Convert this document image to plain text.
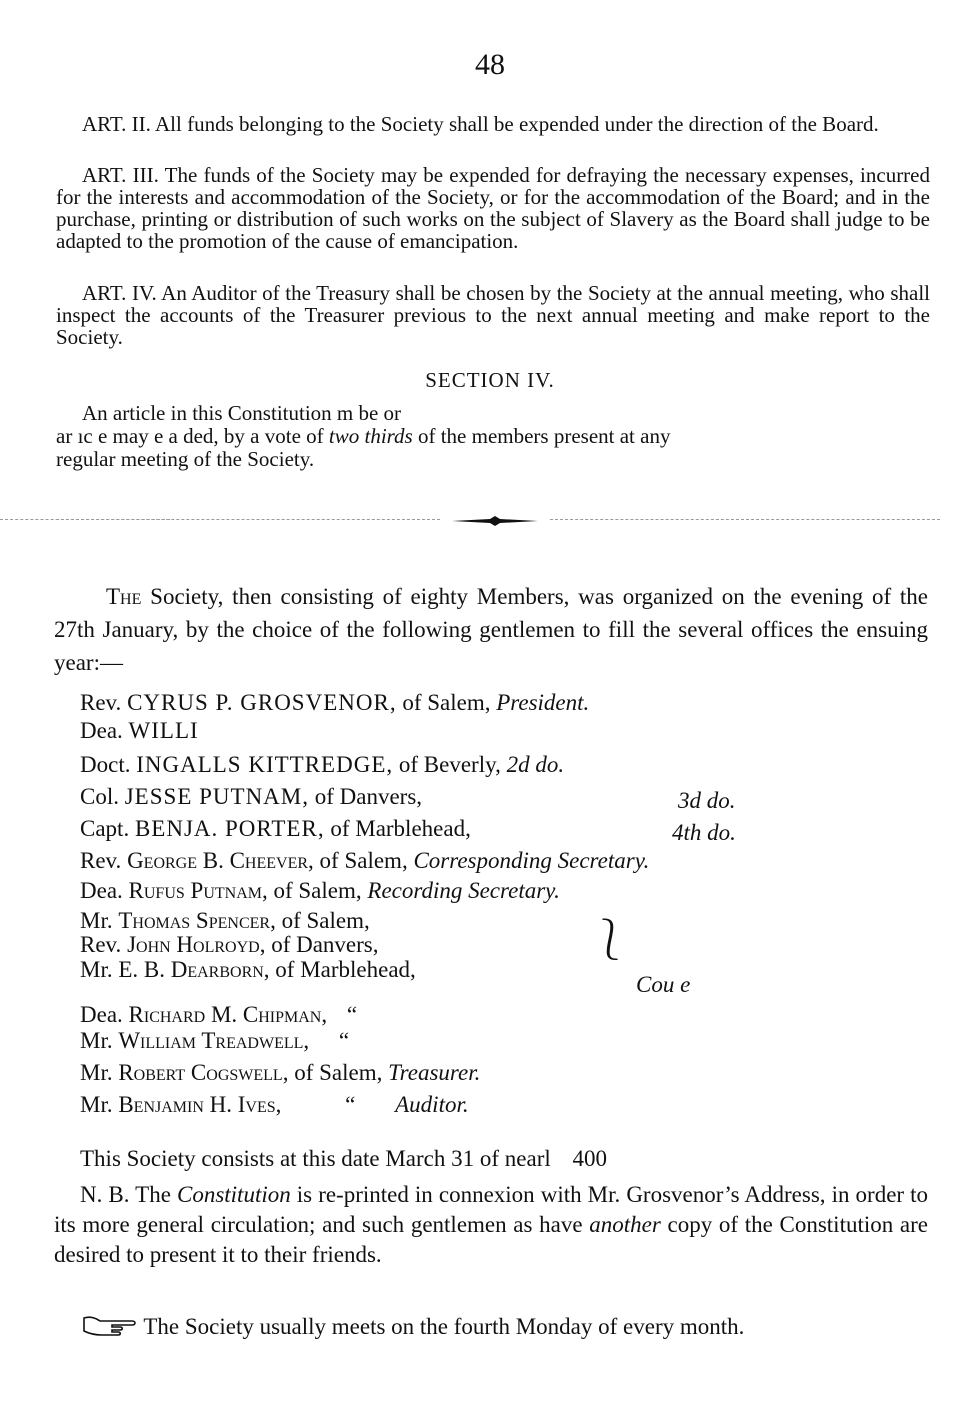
48
ART. II. All funds belonging to the Society shall be expended under the direction of the Board.
ART. III. The funds of the Society may be expended for defraying the necessary expenses, incurred for the interests and accommodation of the Society, or for the accommodation of the Board; and in the purchase, printing or distribution of such works on the subject of Slavery as the Board shall judge to be adapted to the promotion of the cause of emancipation.
ART. IV. An Auditor of the Treasury shall be chosen by the Society at the annual meeting, who shall inspect the accounts of the Treasurer previous to the next annual meeting and make report to the Society.
SECTION IV.
An article in this Constitution m be or
ar ıc e may e a ded, by a vote of two thirds of the members present at any
regular meeting of the Society.
The Society, then consisting of eighty Members, was organized on the evening of the 27th January, by the choice of the following gentlemen to fill the several offices the ensuing year:—
Rev. CYRUS P. GROSVENOR, of Salem, President.
Dea. WILLI
Doct. INGALLS KITTREDGE, of Beverly, 2d do.
Col. JESSE PUTNAM, of Danvers,	3d do.
Capt. BENJA. PORTER, of Marblehead,	4th do.
Rev. George B. Cheever, of Salem, Corresponding Secretary.
Dea. Rufus Putnam, of Salem, Recording Secretary.
Mr. Thomas Spencer, of Salem,
Rev. John Holroyd, of Danvers,
Mr. E. B. Dearborn, of Marblehead,
⎱
Cou e
Dea. Richard M. Chipman, “
Mr. William Treadwell, “
Mr. Robert Cogswell, of Salem, Treasurer.
Mr. Benjamin H. Ives,	“ Auditor.
This Society consists at this date March 31 of nearl 400
N. B. The Constitution is re-printed in connexion with Mr. Grosvenor’s Address, in order to its more general circulation; and such gentlemen as have another copy of the Constitution are desired to present it to their friends.
The Society usually meets on the fourth Monday of every month.
